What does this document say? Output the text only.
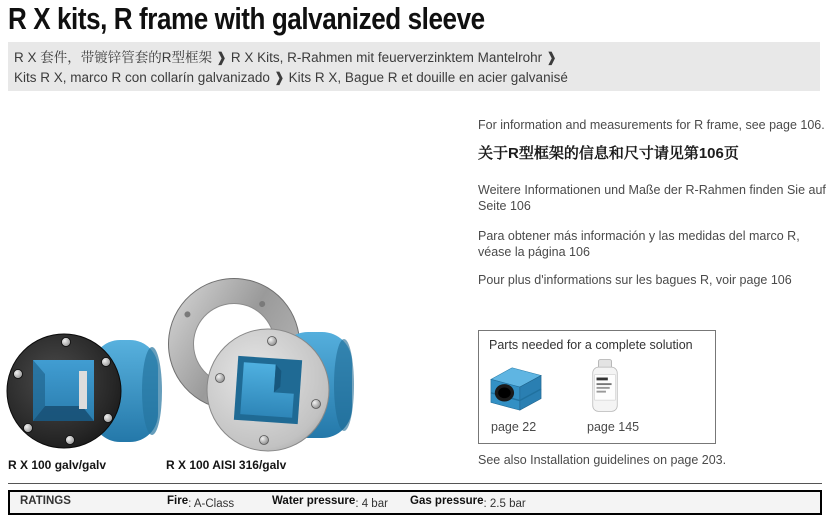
R X kits, R frame with galvanized sleeve
R X 套件，带镀锌管套的R型框架 ❱ R X Kits, R-Rahmen mit feuerverzinktem Mantelrohr ❱
Kits R X, marco R con collarín galvanizado ❱ Kits R X, Bague R et douille en acier galvanisé

For information and measurements for R frame, see page 106.

关于R型框架的信息和尺寸请见第106页

Weitere Informationen und Maße der R-Rahmen finden Sie auf Seite 106

Para obtener más información y las medidas del marco R, véase la página 106

Pour plus d'informations sur les bagues R, voir page 106

R X 100 galv/galv	R X 100 AISI 316/galv

Parts needed for a complete solution

page 22	page 145

See also Installation guidelines on page 203.

RATINGS	Fire : A-Class	Water pressure : 4 bar Gas pressure : 2.5 bar
